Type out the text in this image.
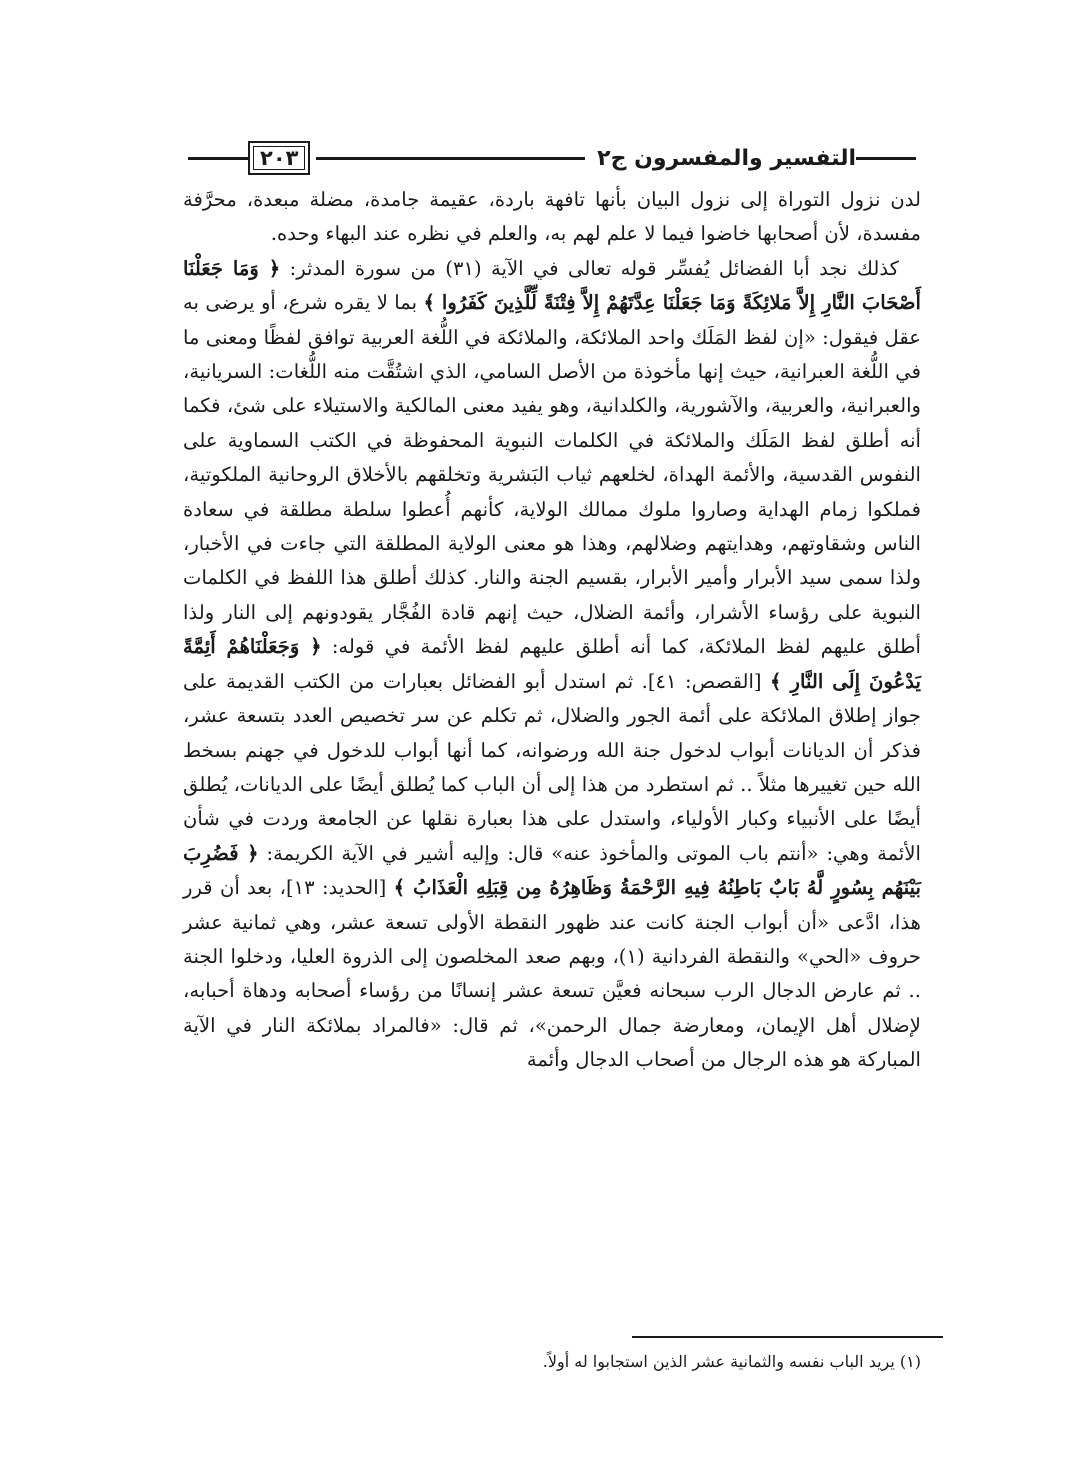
التفسير والمفسرون ج٢
٢٠٣

لدن نزول التوراة إلى نزول البيان بأنها تافهة باردة، عقيمة جامدة، مضلة مبعدة، محرَّفة مفسدة، لأن أصحابها خاضوا فيما لا علم لهم به، والعلم في نظره عند البهاء وحده.

كذلك نجد أبا الفضائل يُفسِّر قوله تعالى في الآية (٣١) من سورة المدثر: ﴿ وَمَا جَعَلْنَا أَصْحَابَ النَّارِ إِلاَّ مَلائِكَةً وَمَا جَعَلْنَا عِدَّتَهُمْ إِلاَّ فِتْنَةً لِّلَّذِينَ كَفَرُوا ﴾ بما لا يقره شرع، أو يرضى به عقل فيقول: «إن لفظ المَلَك واحد الملائكة، والملائكة في اللُّغة العربية توافق لفظًا ومعنى ما في اللُّغة العبرانية، حيث إنها مأخوذة من الأصل السامي، الذي اشتُقَّت منه اللُّغات: السريانية، والعبرانية، والعربية، والآشورية، والكلدانية، وهو يفيد معنى المالكية والاستيلاء على شئ، فكما أنه أطلق لفظ المَلَك والملائكة في الكلمات النبوية المحفوظة في الكتب السماوية على النفوس القدسية، والأئمة الهداة، لخلعهم ثياب البَشرية وتخلقهم بالأخلاق الروحانية الملكوتية، فملكوا زمام الهداية وصاروا ملوك ممالك الولاية، كأنهم أُعطوا سلطة مطلقة في سعادة الناس وشقاوتهم، وهدايتهم وضلالهم، وهذا هو معنى الولاية المطلقة التي جاءت في الأخبار، ولذا سمى سيد الأبرار وأمير الأبرار، بقسيم الجنة والنار. كذلك أطلق هذا اللفظ في الكلمات النبوية على رؤساء الأشرار، وأئمة الضلال، حيث إنهم قادة الفُجَّار يقودونهم إلى النار ولذا أطلق عليهم لفظ الملائكة، كما أنه أطلق عليهم لفظ الأئمة في قوله: ﴿ وَجَعَلْنَاهُمْ أَئِمَّةً يَدْعُونَ إِلَى النَّارِ ﴾ [القصص: ٤١]. ثم استدل أبو الفضائل بعبارات من الكتب القديمة على جواز إطلاق الملائكة على أئمة الجور والضلال، ثم تكلم عن سر تخصيص العدد بتسعة عشر، فذكر أن الديانات أبواب لدخول جنة الله ورضوانه، كما أنها أبواب للدخول في جهنم بسخط الله حين تغييرها مثلاً .. ثم استطرد من هذا إلى أن الباب كما يُطلق أيضًا على الديانات، يُطلق أيضًا على الأنبياء وكبار الأولياء، واستدل على هذا بعبارة نقلها عن الجامعة وردت في شأن الأئمة وهي: «أنتم باب الموتى والمأخوذ عنه» قال: وإليه أشير في الآية الكريمة: ﴿ فَضُرِبَ بَيْنَهُم بِسُورٍ لَّهُ بَابٌ بَاطِنُهُ فِيهِ الرَّحْمَةُ وَظَاهِرُهُ مِن قِبَلِهِ الْعَذَابُ ﴾ [الحديد: ١٣]، بعد أن قرر هذا، ادَّعى «أن أبواب الجنة كانت عند ظهور النقطة الأولى تسعة عشر، وهي ثمانية عشر حروف «الحي» والنقطة الفردانية (١)، وبهم صعد المخلصون إلى الذروة العليا، ودخلوا الجنة .. ثم عارض الدجال الرب سبحانه فعيَّن تسعة عشر إنسانًا من رؤساء أصحابه ودهاة أحبابه، لإضلال أهل الإيمان، ومعارضة جمال الرحمن»، ثم قال: «فالمراد بملائكة النار في الآية المباركة هو هذه الرجال من أصحاب الدجال وأئمة

(١) يريد الباب نفسه والثمانية عشر الذين استجابوا له أولاً.
